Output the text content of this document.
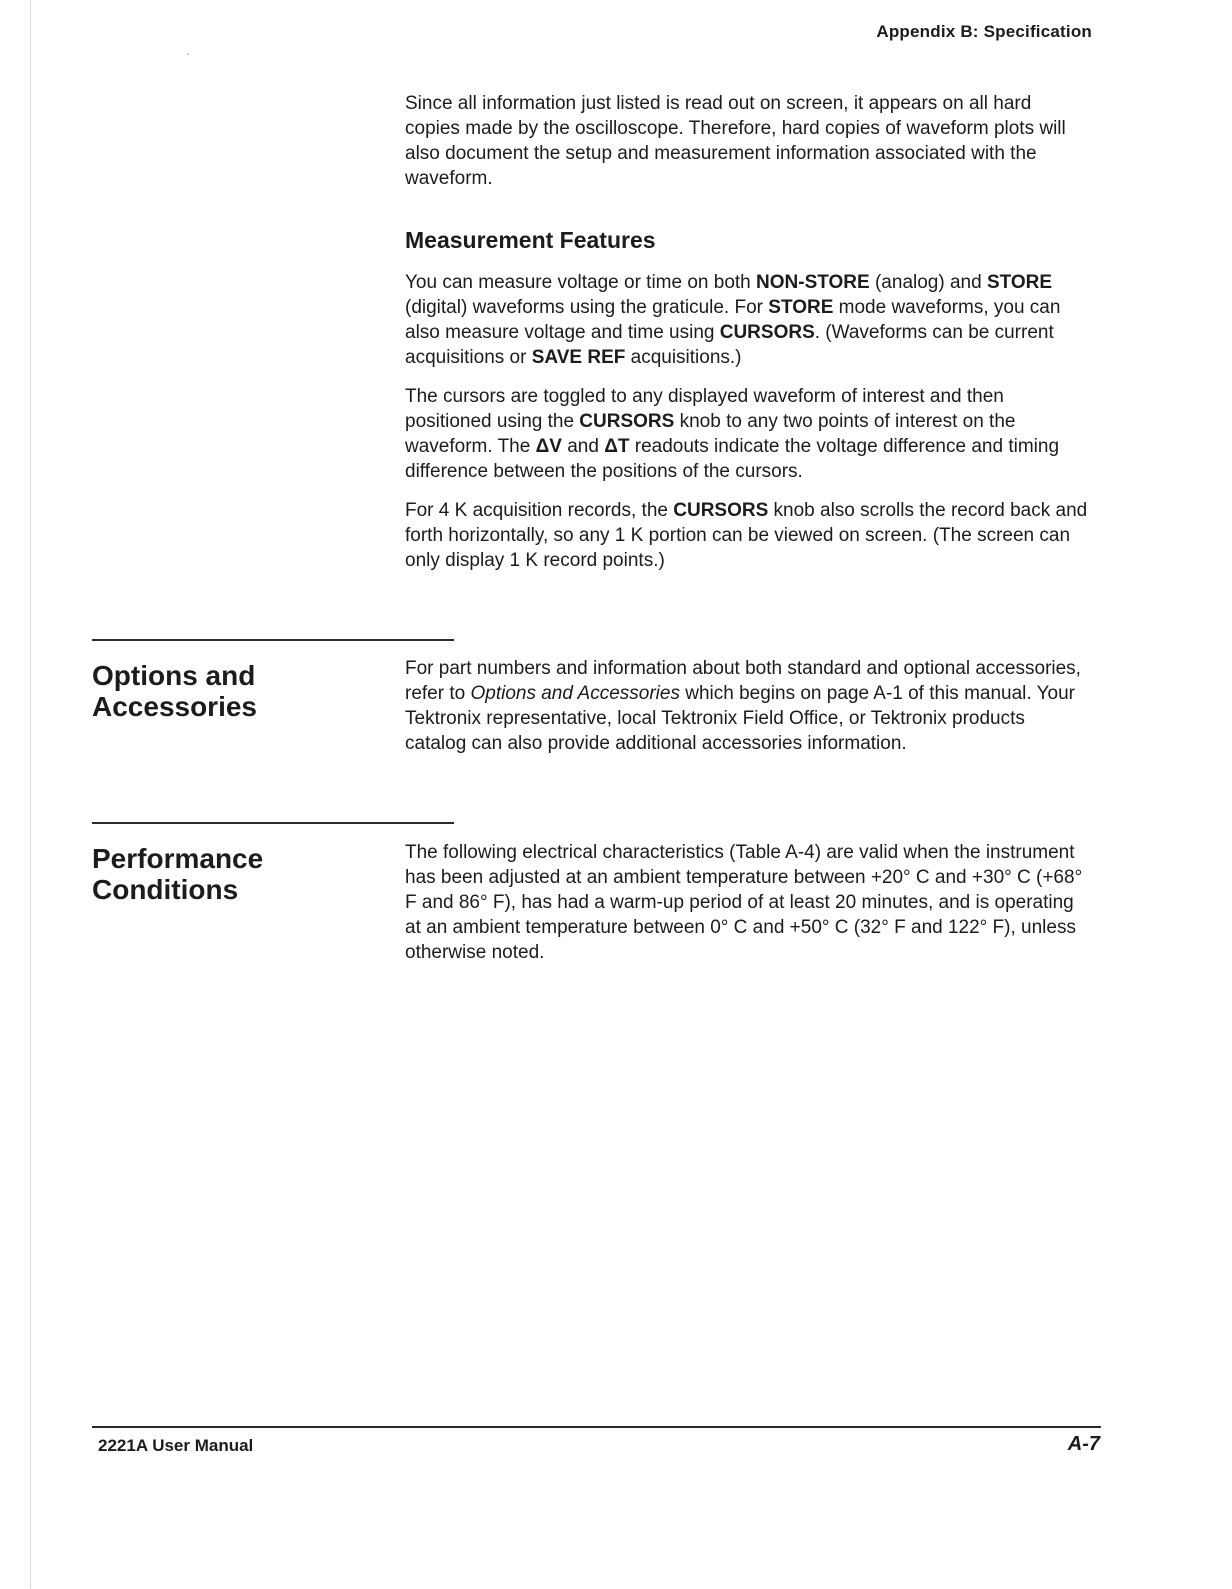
·
Appendix B: Specification

Since all information just listed is read out on screen, it appears on all hard copies made by the oscilloscope. Therefore, hard copies of waveform plots will also document the setup and measurement information associated with the waveform.

Measurement Features

You can measure voltage or time on both NON-STORE (analog) and STORE (digital) waveforms using the graticule. For STORE mode waveforms, you can also measure voltage and time using CURSORS. (Waveforms can be current acquisitions or SAVE REF acquisitions.)

The cursors are toggled to any displayed waveform of interest and then positioned using the CURSORS knob to any two points of interest on the waveform. The ΔV and ΔT readouts indicate the voltage difference and timing difference between the positions of the cursors.

For 4 K acquisition records, the CURSORS knob also scrolls the record back and forth horizontally, so any 1 K portion can be viewed on screen. (The screen can only display 1 K record points.)

Options and
Accessories

For part numbers and information about both standard and optional accessories, refer to Options and Accessories which begins on page A-1 of this manual. Your Tektronix representative, local Tektronix Field Office, or Tektronix products catalog can also provide additional accessories information.

Performance
Conditions

The following electrical characteristics (Table A-4) are valid when the instrument has been adjusted at an ambient temperature between +20° C and +30° C (+68° F and 86° F), has had a warm-up period of at least 20 minutes, and is operating at an ambient temperature between 0° C and +50° C (32° F and 122° F), unless otherwise noted.

2221A User Manual	A-7
